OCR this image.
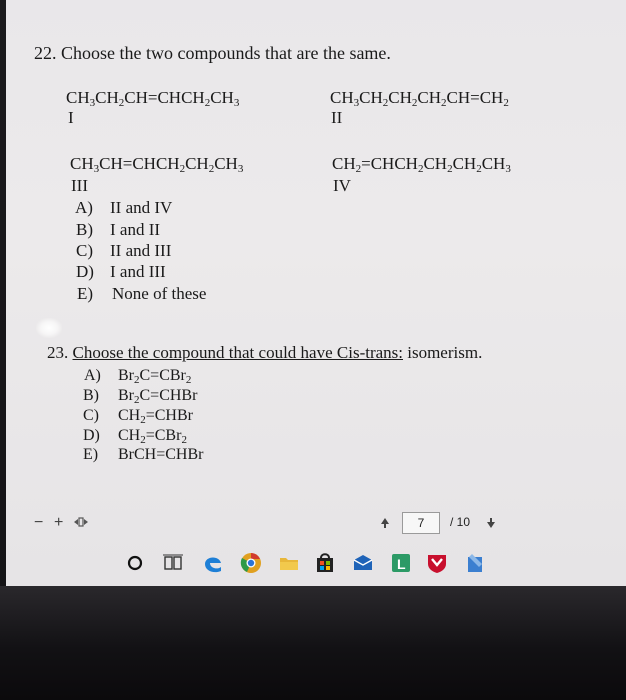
22. Choose the two compounds that are the same.
$CH_3CH_2CH=CHCH_2CH_3$
I
$CH_3CH_2CH_2CH_2CH=CH_2$
II
$CH_3CH=CHCH_2CH_2CH_3$
III
$CH_2=CHCH_2CH_2CH_2CH_3$
IV
A) II and IV
B) I and II
C) II and III
D) I and III
E) None of these
23. Choose the compound that could have Cis-trans: isomerism.
A) $Br_2C=CBr_2$
B) $Br_2C=CHBr$
C) $CH_2=CHBr$
D) $CH_2=CBr_2$
E) BrCH=CHBr
− +	7	/ 10
L
